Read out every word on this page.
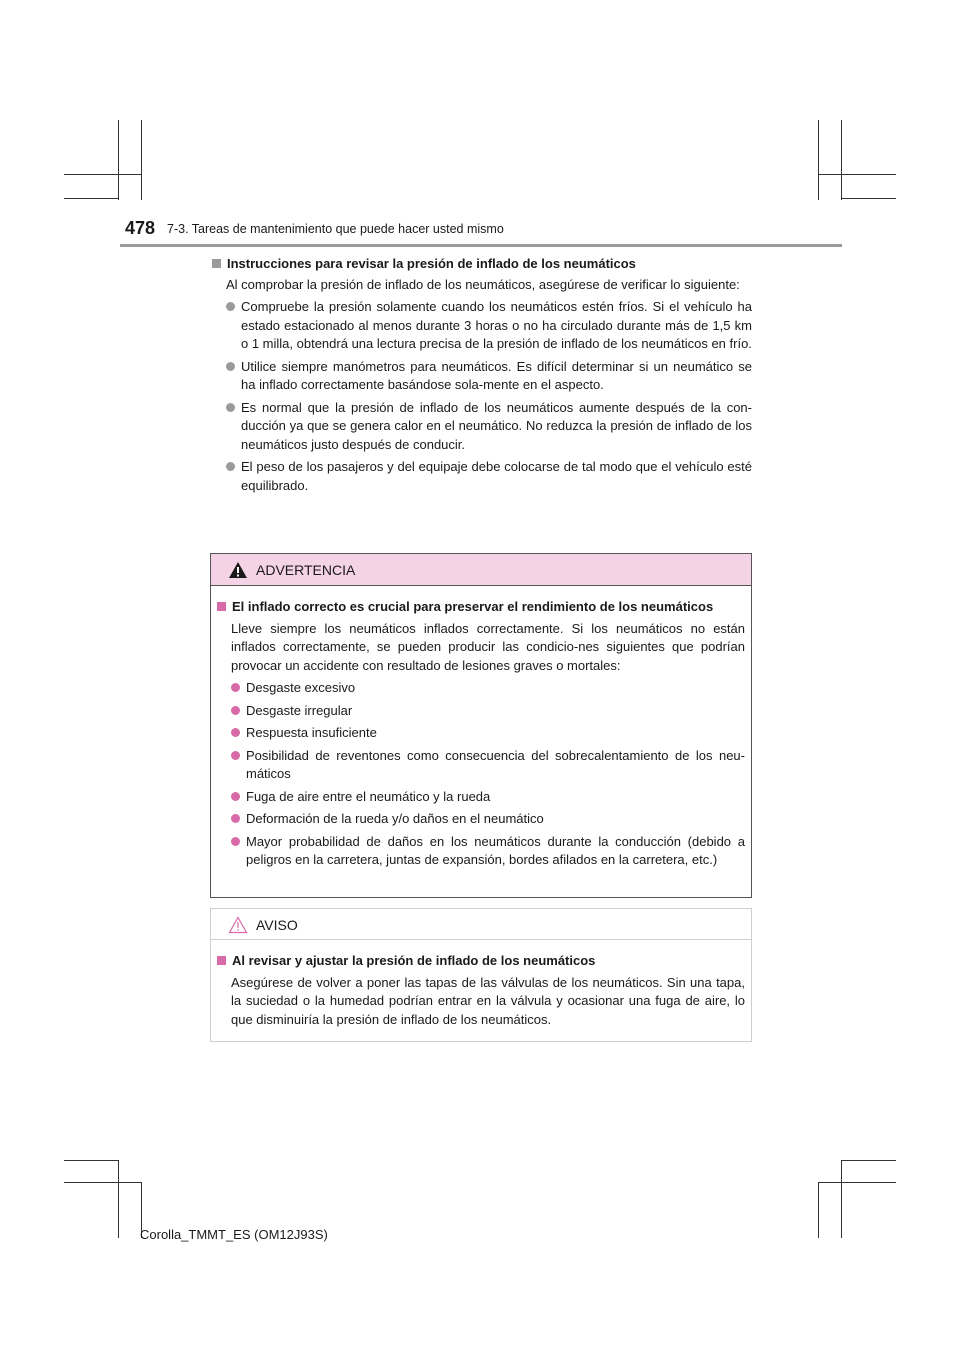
478 7-3. Tareas de mantenimiento que puede hacer usted mismo
Instrucciones para revisar la presión de inflado de los neumáticos
Al comprobar la presión de inflado de los neumáticos, asegúrese de verificar lo siguiente:
Compruebe la presión solamente cuando los neumáticos estén fríos. Si el vehículo ha estado estacionado al menos durante 3 horas o no ha circulado durante más de 1,5 km o 1 milla, obtendrá una lectura precisa de la presión de inflado de los neumáticos en frío.
Utilice siempre manómetros para neumáticos. Es difícil determinar si un neumático se ha inflado correctamente basándose sola-mente en el aspecto.
Es normal que la presión de inflado de los neumáticos aumente después de la con-ducción ya que se genera calor en el neumático. No reduzca la presión de inflado de los neumáticos justo después de conducir.
El peso de los pasajeros y del equipaje debe colocarse de tal modo que el vehículo esté equilibrado.
ADVERTENCIA
El inflado correcto es crucial para preservar el rendimiento de los neumáticos
Lleve siempre los neumáticos inflados correctamente. Si los neumáticos no están inflados correctamente, se pueden producir las condicio-nes siguientes que podrían provocar un accidente con resultado de lesiones graves o mortales:
Desgaste excesivo
Desgaste irregular
Respuesta insuficiente
Posibilidad de reventones como consecuencia del sobrecalentamiento de los neu-máticos
Fuga de aire entre el neumático y la rueda
Deformación de la rueda y/o daños en el neumático
Mayor probabilidad de daños en los neumáticos durante la conducción (debido a peligros en la carretera, juntas de expansión, bordes afilados en la carretera, etc.)
AVISO
Al revisar y ajustar la presión de inflado de los neumáticos
Asegúrese de volver a poner las tapas de las válvulas de los neumáticos. Sin una tapa, la suciedad o la humedad podrían entrar en la válvula y ocasionar una fuga de aire, lo que disminuiría la presión de inflado de los neumáticos.
Corolla_TMMT_ES (OM12J93S)
